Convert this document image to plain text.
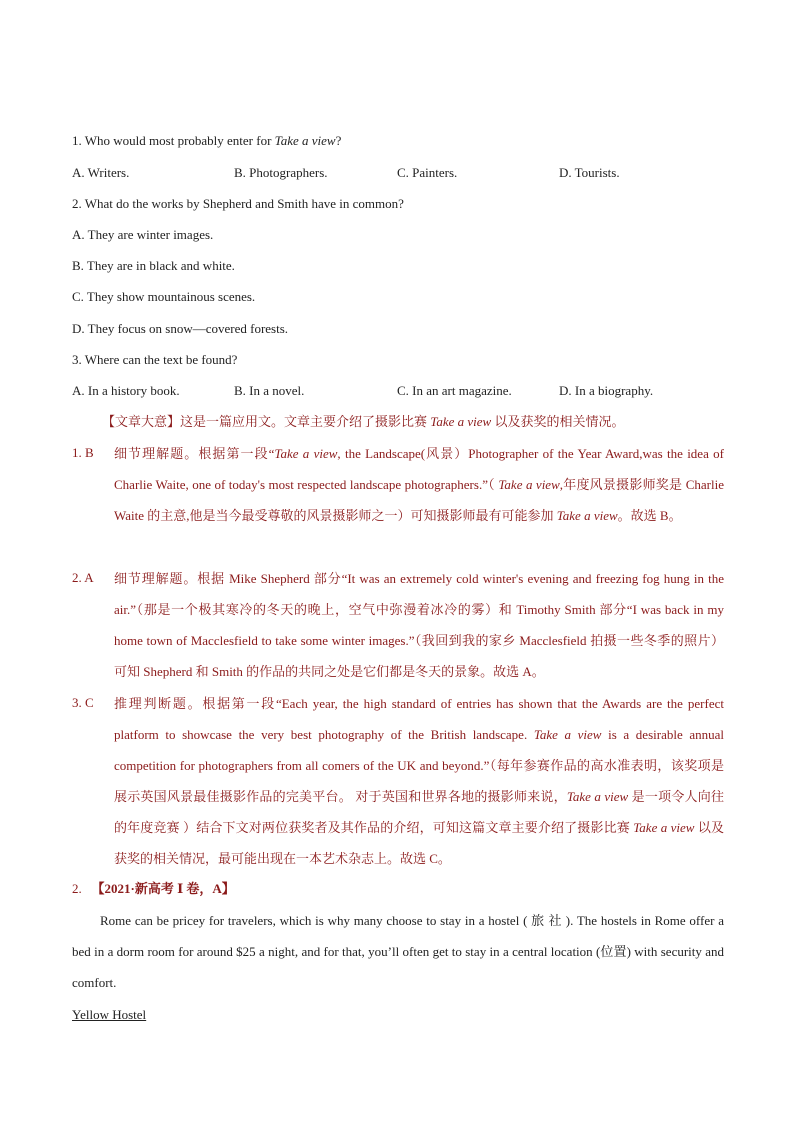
1. Who would most probably enter for Take a view?
A. Writers.	B. Photographers.	C. Painters.	D. Tourists.
2. What do the works by Shepherd and Smith have in common?
A. They are winter images.
B. They are in black and white.
C. They show mountainous scenes.
D. They focus on snow—covered forests.
3. Where can the text be found?
A. In a history book.	B. In a novel.	C. In an art magazine.	D. In a biography.
【文章大意】这是一篇应用文。文章主要介绍了摄影比赛 Take a view 以及获奖的相关情况。
1. B 细节理解题。根据第一段“Take a view, the Landscape(风景）Photographer of the Year Award,was the idea of Charlie Waite, one of today's most respected landscape photographers.”（ Take a view,年度风景摄影师奖是 Charlie Waite 的主意,他是当今最受尊敬的风景摄影师之一）可知摄影师最有可能参加 Take a view。故选 B。
2. A 细节理解题。根据 Mike Shepherd 部分“It was an extremely cold winter's evening and freezing fog hung in the air.”（那是一个极其寒冷的冬天的晚上，空气中弥漫着冰冷的雾）和 Timothy Smith 部分“I was back in my home town of Macclesfield to take some winter images.”（我回到我的家乡 Macclesfield 拍摄一些冬季的照片）可知 Shepherd 和 Smith 的作品的共同之处是它们都是冬天的景象。故选 A。
3. C 推理判断题。根据第一段“Each year, the high standard of entries has shown that the Awards are the perfect platform to showcase the very best photography of the British landscape. Take a view is a desirable annual competition for photographers from all comers of the UK and beyond.”（每年参赛作品的高水准表明，该奖项是展示英国风景最佳摄影作品的完美平台。 对于英国和世界各地的摄影师来说，Take a view 是一项令人向往的年度竞赛 ）结合下文对两位获奖者及其作品的介绍，可知这篇文章主要介绍了摄影比赛 Take a view 以及获奖的相关情况，最可能出现在一本艺术杂志上。故选 C。
2. 【2021·新高考 Ⅰ 卷，A】
Rome can be pricey for travelers, which is why many choose to stay in a hostel ( 旅 社 ). The hostels in Rome offer a bed in a dorm room for around $25 a night, and for that, you’ll often get to stay in a central location (位置) with security and comfort.
Yellow Hostel
